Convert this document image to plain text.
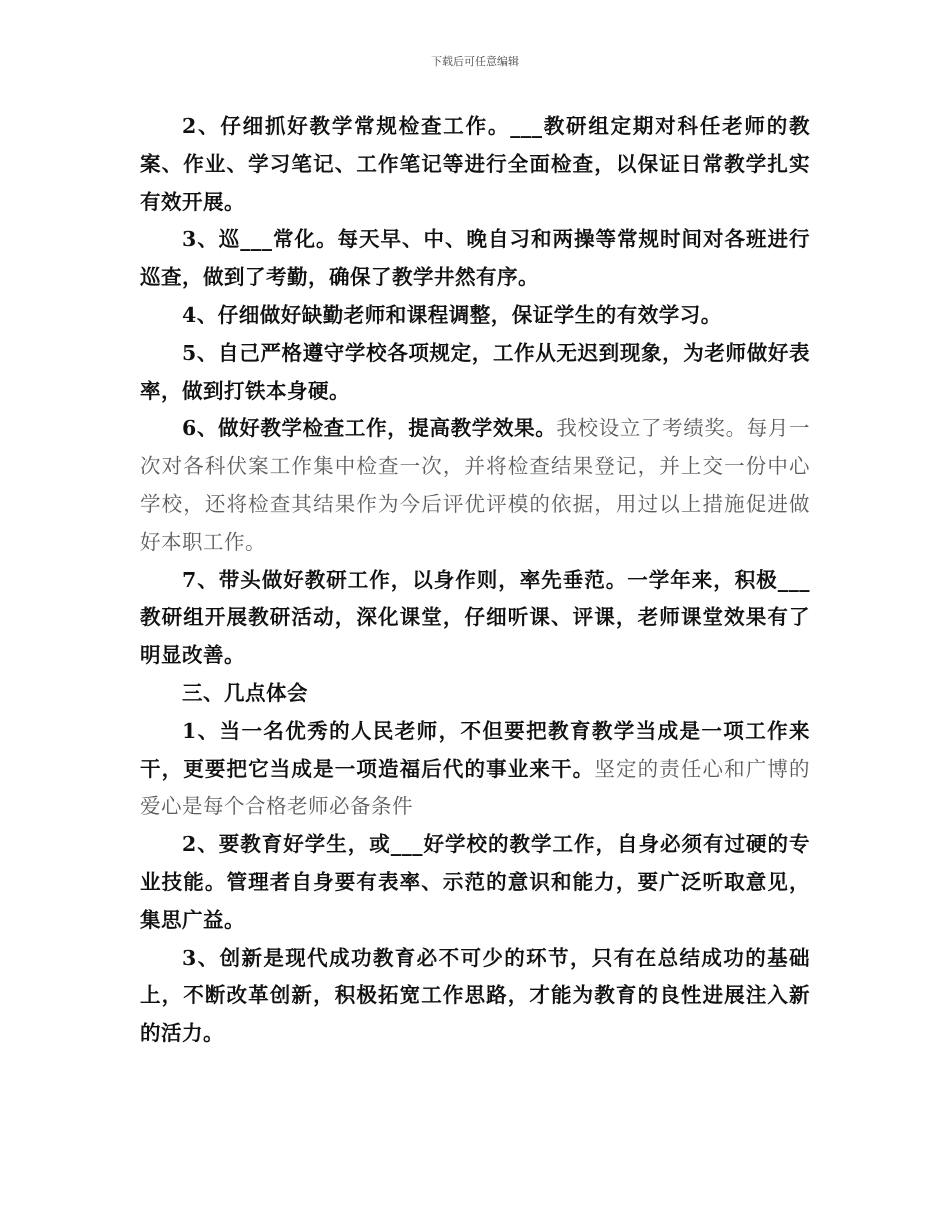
下载后可任意编辑

2、仔细抓好教学常规检查工作。___教研组定期对科任老师的教案、作业、学习笔记、工作笔记等进行全面检查，以保证日常教学扎实有效开展。

3、巡___常化。每天早、中、晚自习和两操等常规时间对各班进行巡查，做到了考勤，确保了教学井然有序。

4、仔细做好缺勤老师和课程调整，保证学生的有效学习。

5、自己严格遵守学校各项规定，工作从无迟到现象，为老师做好表率，做到打铁本身硬。

6、做好教学检查工作，提高教学效果。我校设立了考绩奖。每月一次对各科伏案工作集中检查一次，并将检查结果登记，并上交一份中心学校，还将检查其结果作为今后评优评模的依据，用过以上措施促进做好本职工作。

7、带头做好教研工作，以身作则，率先垂范。一学年来，积极___教研组开展教研活动，深化课堂，仔细听课、评课，老师课堂效果有了明显改善。

三、几点体会

1、当一名优秀的人民老师，不但要把教育教学当成是一项工作来干，更要把它当成是一项造福后代的事业来干。坚定的责任心和广博的爱心是每个合格老师必备条件

2、要教育好学生，或___好学校的教学工作，自身必须有过硬的专业技能。管理者自身要有表率、示范的意识和能力，要广泛听取意见，集思广益。

3、创新是现代成功教育必不可少的环节，只有在总结成功的基础上，不断改革创新，积极拓宽工作思路，才能为教育的良性进展注入新的活力。
